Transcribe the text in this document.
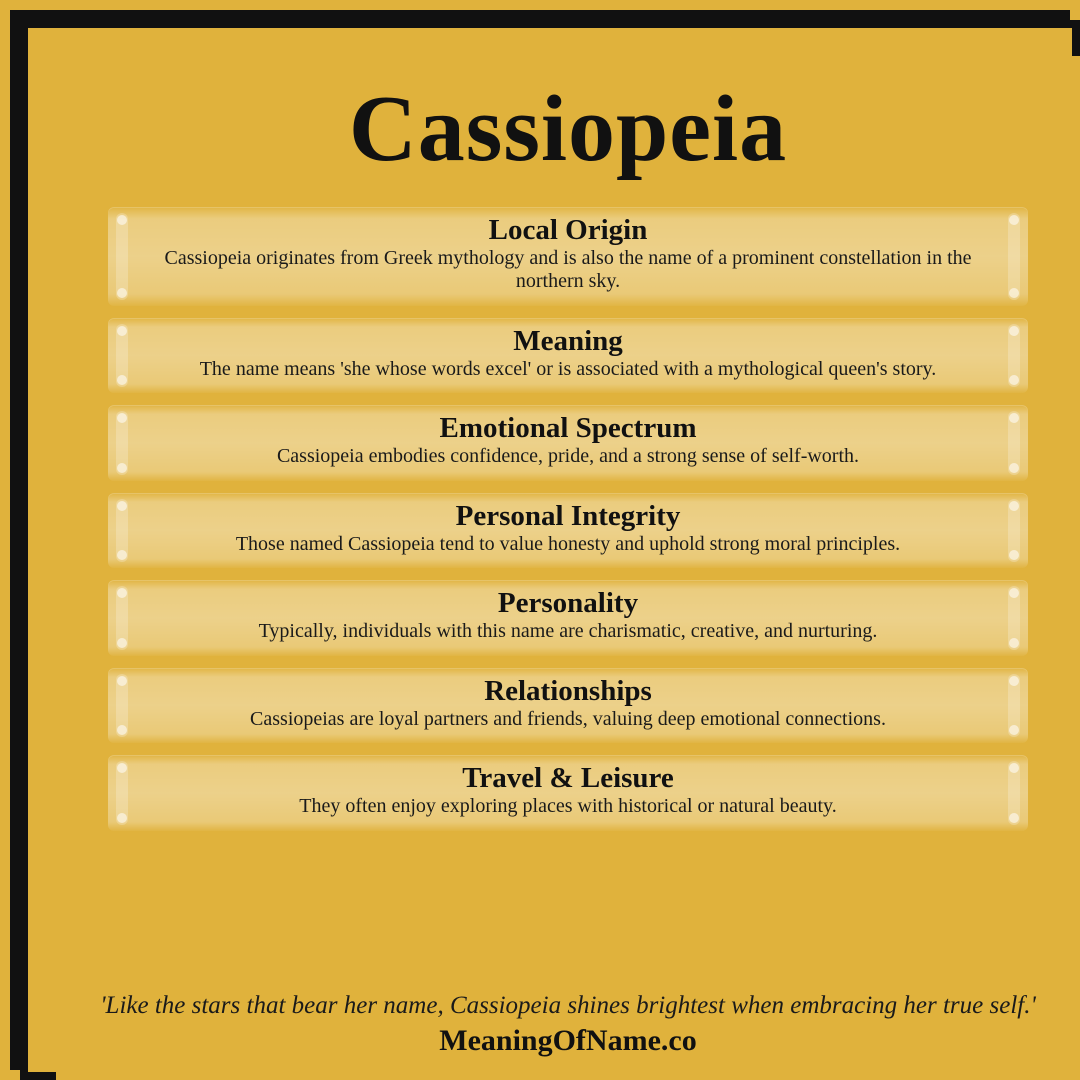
Cassiopeia
Local Origin
Cassiopeia originates from Greek mythology and is also the name of a prominent constellation in the northern sky.
Meaning
The name means 'she whose words excel' or is associated with a mythological queen's story.
Emotional Spectrum
Cassiopeia embodies confidence, pride, and a strong sense of self-worth.
Personal Integrity
Those named Cassiopeia tend to value honesty and uphold strong moral principles.
Personality
Typically, individuals with this name are charismatic, creative, and nurturing.
Relationships
Cassiopeias are loyal partners and friends, valuing deep emotional connections.
Travel & Leisure
They often enjoy exploring places with historical or natural beauty.
'Like the stars that bear her name, Cassiopeia shines brightest when embracing her true self.'
MeaningOfName.co
